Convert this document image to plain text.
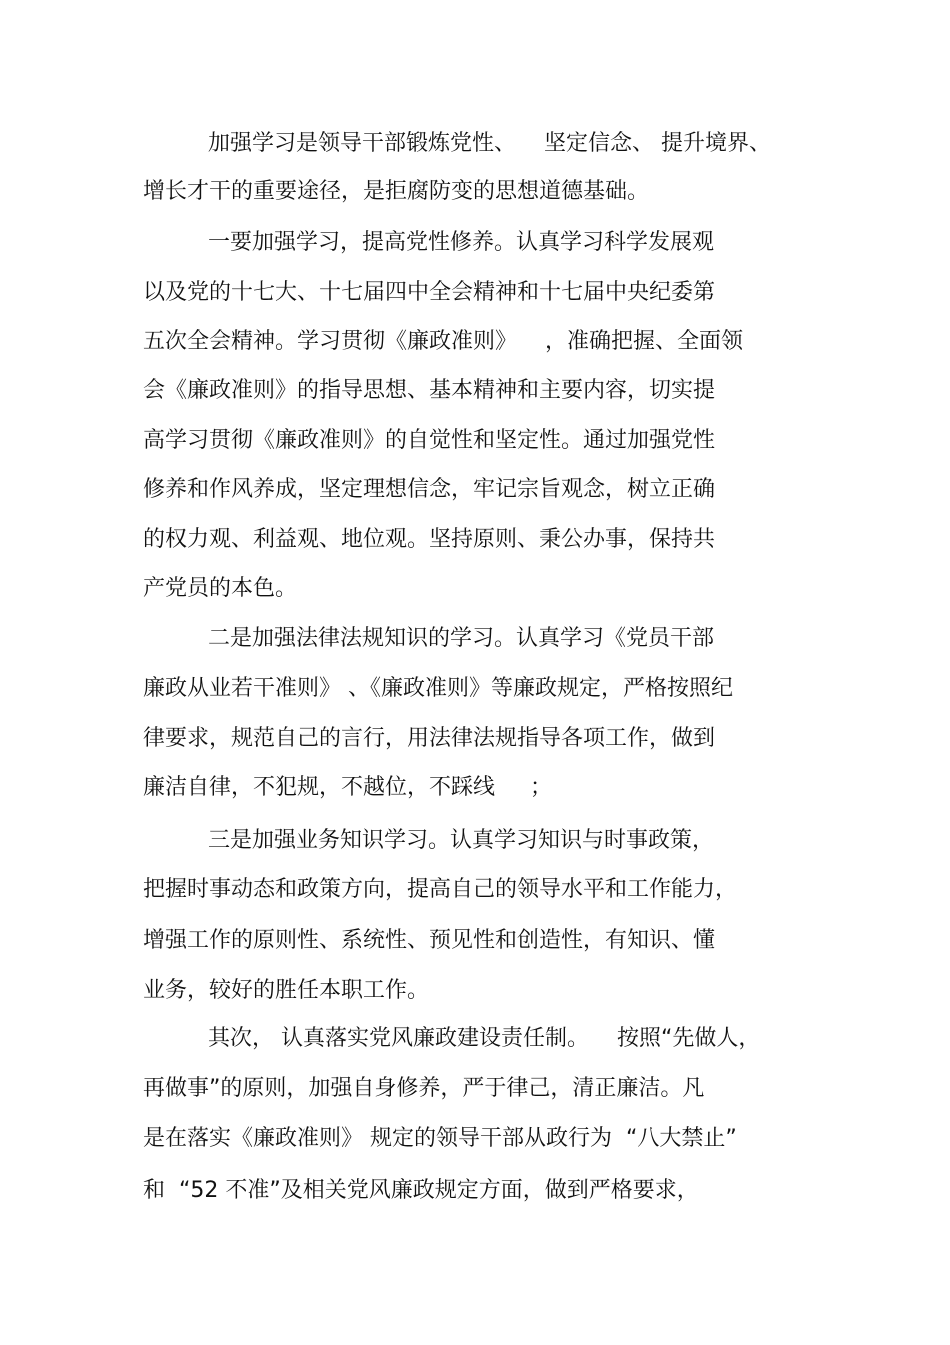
加强学习是领导干部锻炼党性、    坚定信念、 提升境界、
增长才干的重要途径，是拒腐防变的思想道德基础。
一要加强学习，提高党性修养。认真学习科学发展观
以及党的十七大、十七届四中全会精神和十七届中央纪委第
五次全会精神。学习贯彻《廉政准则》    ，准确把握、全面领
会《廉政准则》的指导思想、基本精神和主要内容，切实提
高学习贯彻《廉政准则》的自觉性和坚定性。通过加强党性
修养和作风养成，坚定理想信念，牢记宗旨观念，树立正确
的权力观、利益观、地位观。坚持原则、秉公办事，保持共
产党员的本色。
二是加强法律法规知识的学习。认真学习《党员干部
廉政从业若干准则》 、《廉政准则》等廉政规定，严格按照纪
律要求，规范自己的言行，用法律法规指导各项工作，做到
廉洁自律，不犯规，不越位，不踩线     ；
三是加强业务知识学习。认真学习知识与时事政策，
把握时事动态和政策方向，提高自己的领导水平和工作能力，
增强工作的原则性、系统性、预见性和创造性，有知识、懂
业务，较好的胜任本职工作。
其次， 认真落实党风廉政建设责任制。    按照“先做人，
再做事”的原则，加强自身修养，严于律己，清正廉洁。凡
是在落实《廉政准则》 规定的领导干部从政行为  “八大禁止”
和  “52 不准”及相关党风廉政规定方面，做到严格要求，
